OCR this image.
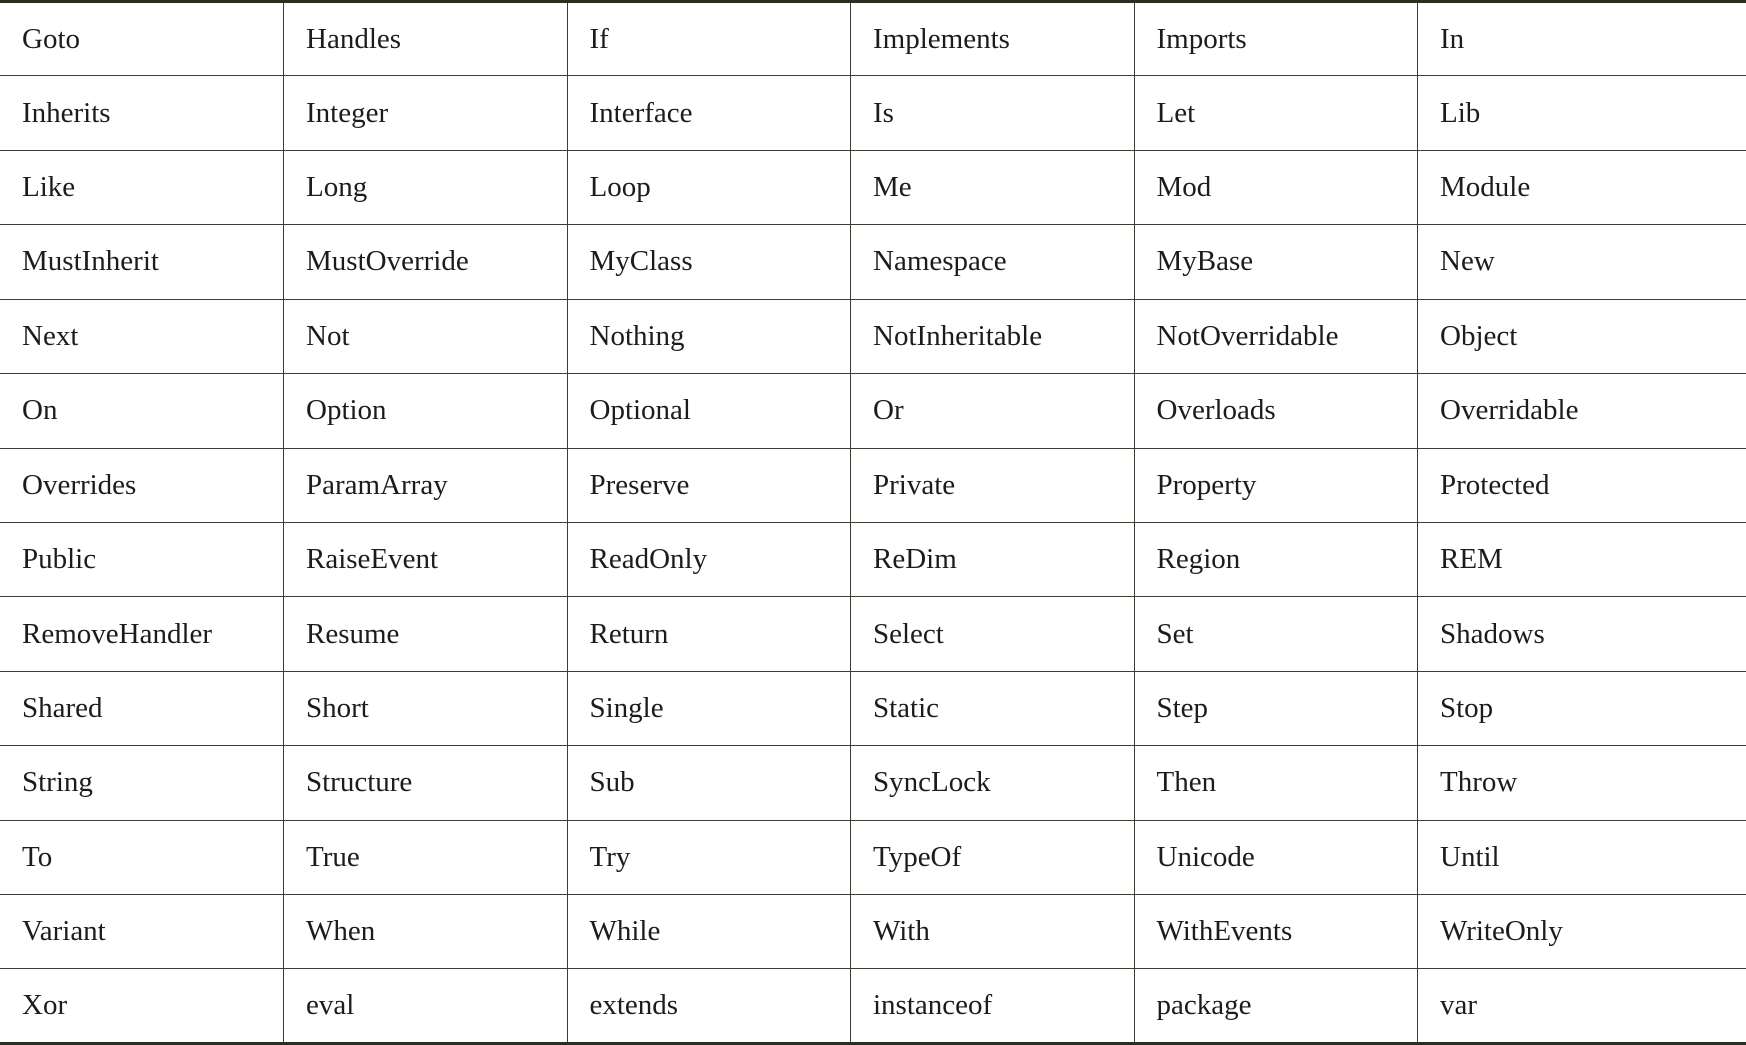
Goto	Handles	If	Implements	Imports	In
Inherits	Integer	Interface	Is	Let	Lib
Like	Long	Loop	Me	Mod	Module
MustInherit	MustOverride	MyClass	Namespace	MyBase	New
Next	Not	Nothing	NotInheritable	NotOverridable	Object
On	Option	Optional	Or	Overloads	Overridable
Overrides	ParamArray	Preserve	Private	Property	Protected
Public	RaiseEvent	ReadOnly	ReDim	Region	REM
RemoveHandler	Resume	Return	Select	Set	Shadows
Shared	Short	Single	Static	Step	Stop
String	Structure	Sub	SyncLock	Then	Throw
To	True	Try	TypeOf	Unicode	Until
Variant	When	While	With	WithEvents	WriteOnly
Xor	eval	extends	instanceof	package	var
